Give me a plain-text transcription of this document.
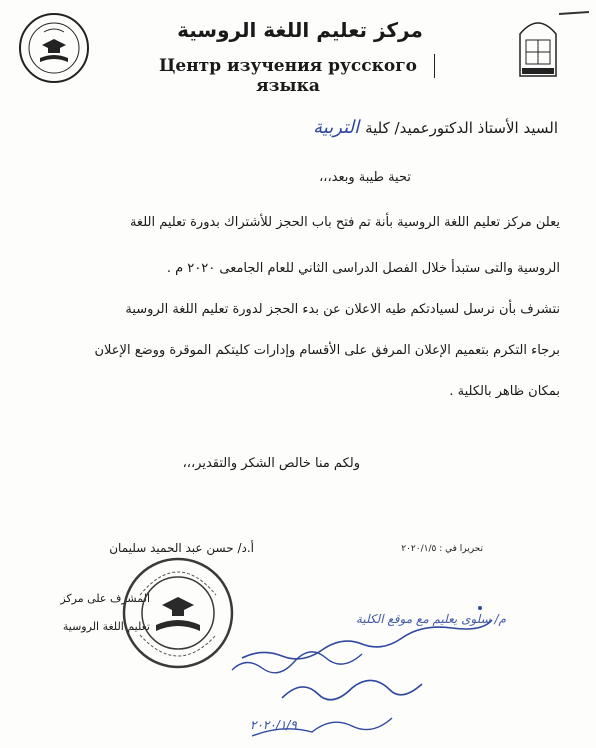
مركز تعليم اللغة الروسية
Центр изучения русского языка
السيد الأستاذ الدكتورعميد/ كليةالتربية
تحية طيبة وبعد،،،
يعلن مركز تعليم اللغة الروسية بأنة تم فتح باب الحجز للأشتراك بدورة تعليم اللغة
الروسية والتى ستبدأ خلال الفصل الدراسى الثاني للعام الجامعى ٢٠٢٠ م .
نتشرف بأن نرسل لسيادتكم طيه الاعلان عن بدء الحجز لدورة تعليم اللغة الروسية
برجاء التكرم بتعميم الإعلان المرفق على الأقسام وإدارات كليتكم الموقرة ووضع الإعلان
بمكان ظاهر بالكلية .
ولكم منا خالص الشكر والتقدير،،،
أ.د/ حسن عبد الحميد سليمان
المشرف على مركز
تعليم اللغة الروسية
تحريرا في : ٢٠٢٠/١/٥
م/ سلوى يعليم مع موقع الكلية
٢٠٢٠/١/٩
